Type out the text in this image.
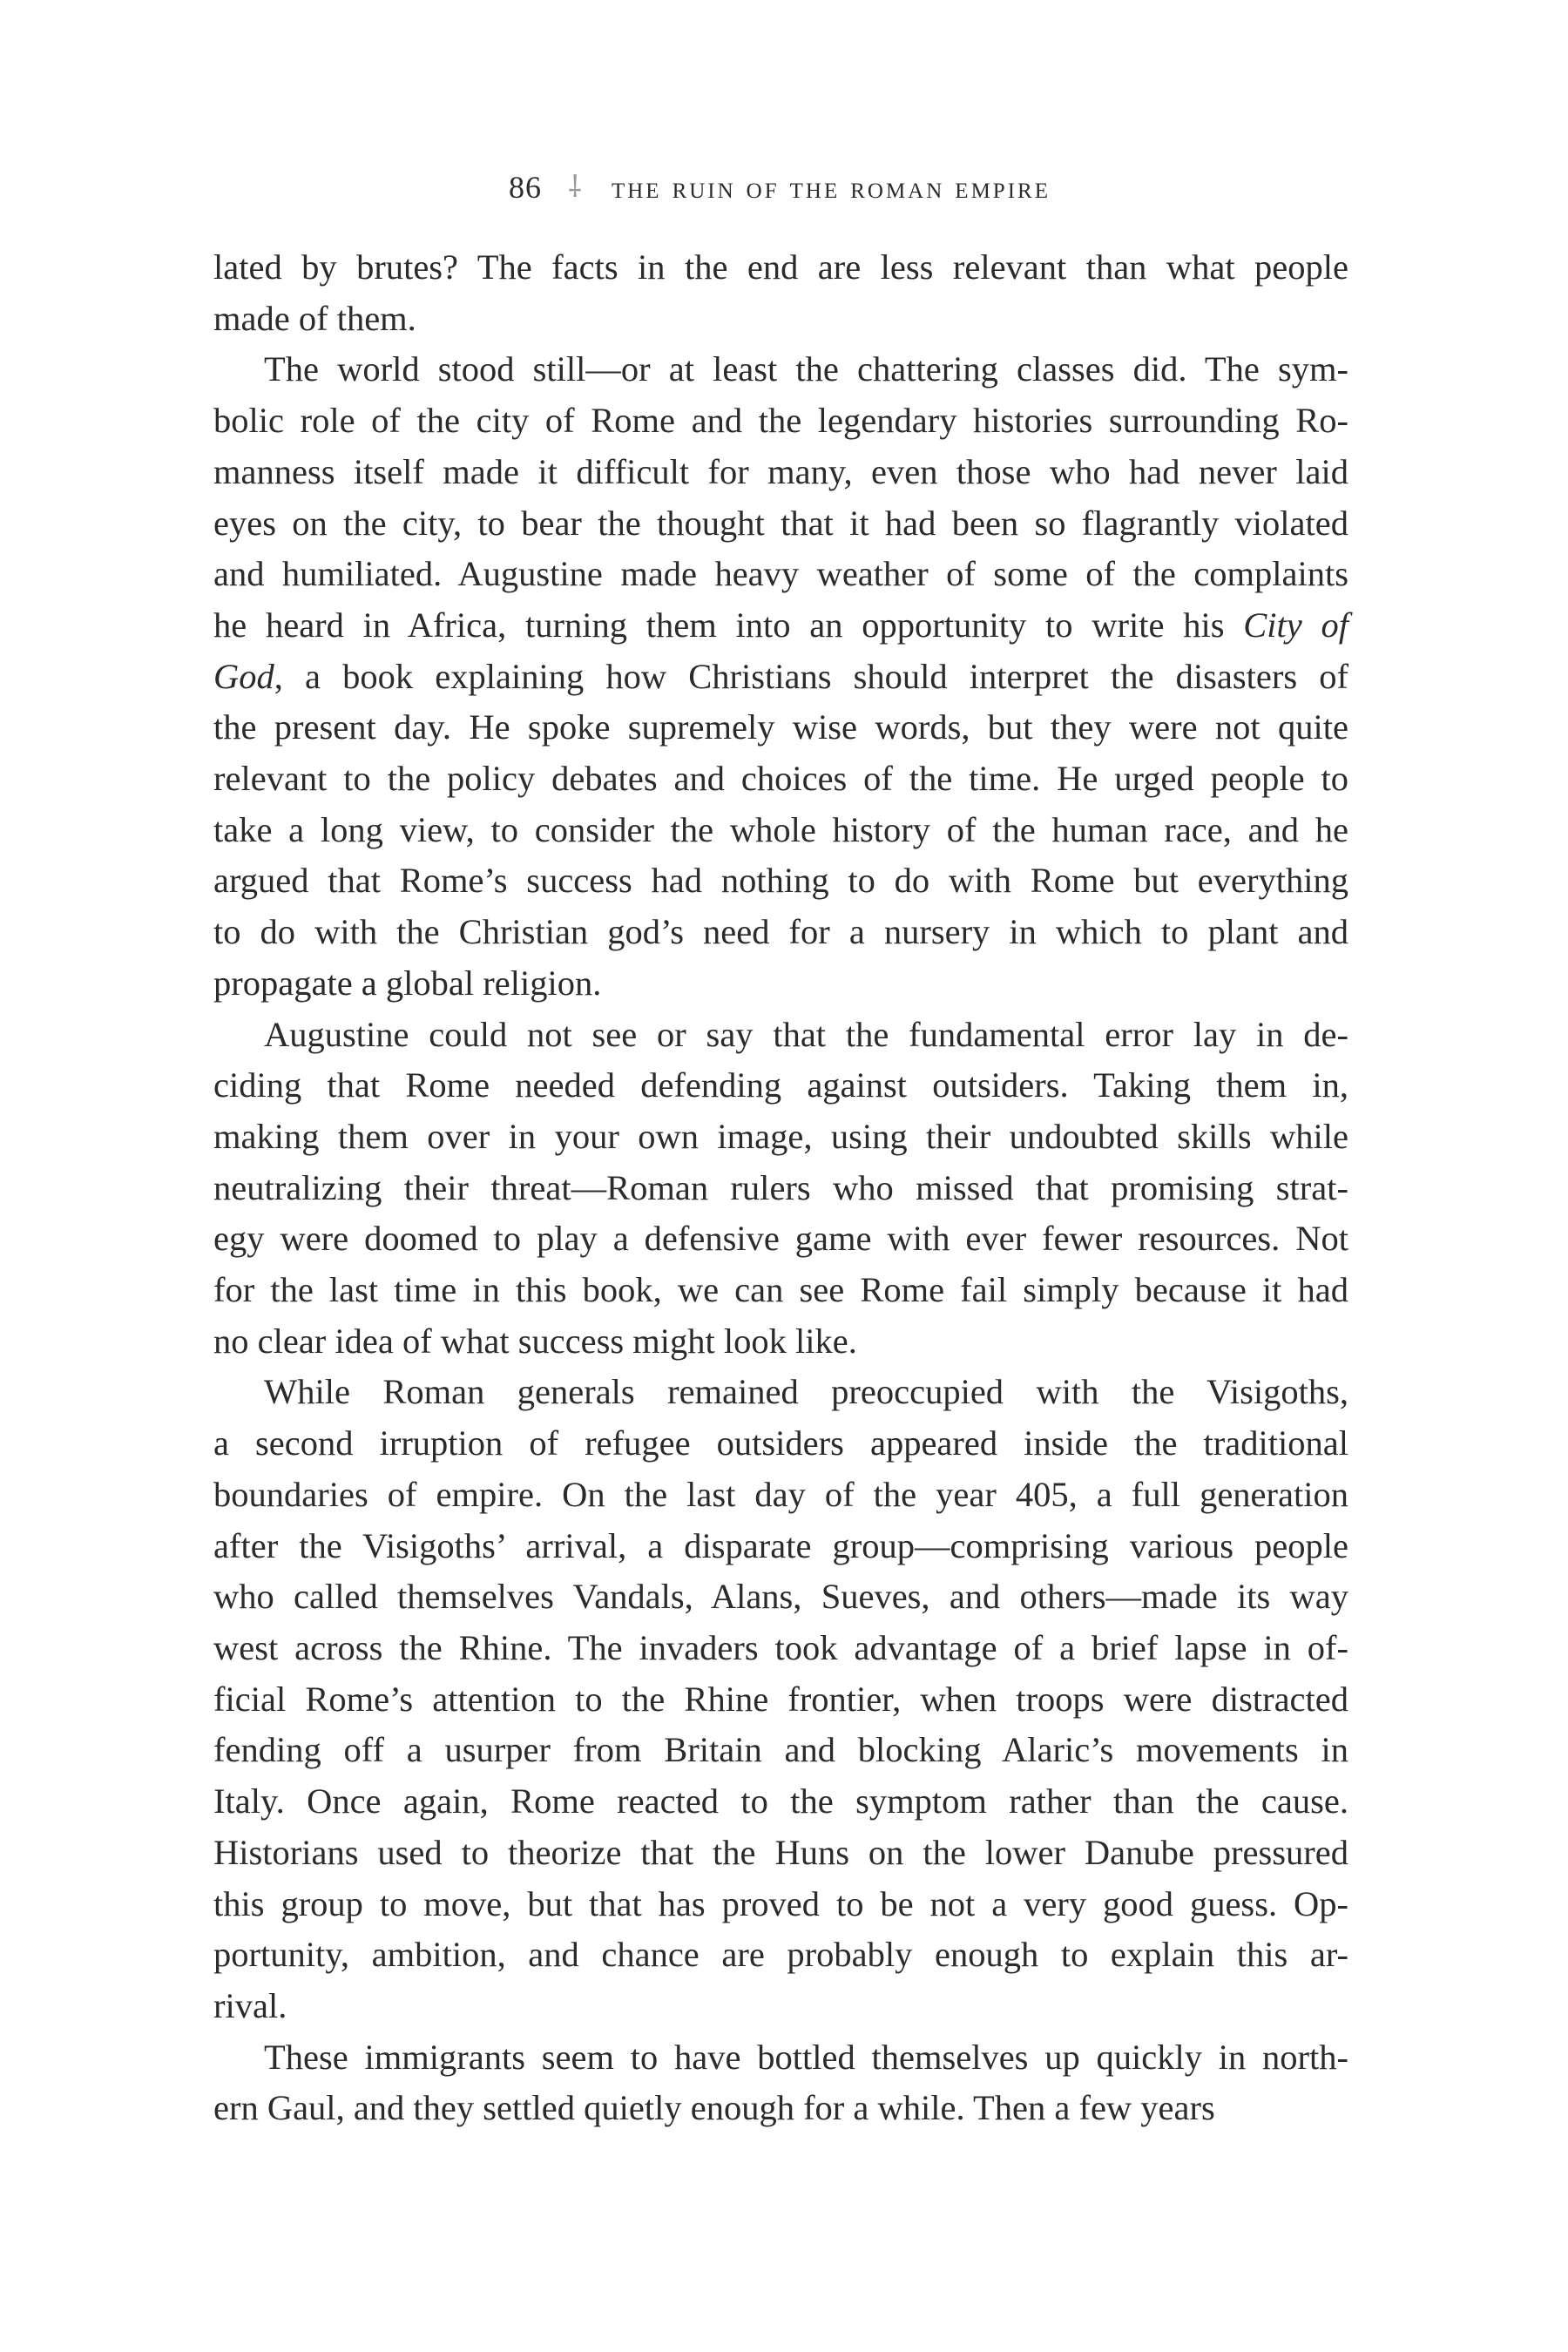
86 ⸸ the ruin of the roman empire

lated by brutes? The facts in the end are less relevant than what people
made of them.

The world stood still—or at least the chattering classes did. The sym-
bolic role of the city of Rome and the legendary histories surrounding Ro-
manness itself made it difficult for many, even those who had never laid
eyes on the city, to bear the thought that it had been so flagrantly violated
and humiliated. Augustine made heavy weather of some of the complaints
he heard in Africa, turning them into an opportunity to write his City of
God, a book explaining how Christians should interpret the disasters of
the present day. He spoke supremely wise words, but they were not quite
relevant to the policy debates and choices of the time. He urged people to
take a long view, to consider the whole history of the human race, and he
argued that Rome’s success had nothing to do with Rome but everything
to do with the Christian god’s need for a nursery in which to plant and
propagate a global religion.

Augustine could not see or say that the fundamental error lay in de-
ciding that Rome needed defending against outsiders. Taking them in,
making them over in your own image, using their undoubted skills while
neutralizing their threat—Roman rulers who missed that promising strat-
egy were doomed to play a defensive game with ever fewer resources. Not
for the last time in this book, we can see Rome fail simply because it had
no clear idea of what success might look like.

While Roman generals remained preoccupied with the Visigoths,
a second irruption of refugee outsiders appeared inside the traditional
boundaries of empire. On the last day of the year 405, a full generation
after the Visigoths’ arrival, a disparate group—comprising various people
who called themselves Vandals, Alans, Sueves, and others—made its way
west across the Rhine. The invaders took advantage of a brief lapse in of-
ficial Rome’s attention to the Rhine frontier, when troops were distracted
fending off a usurper from Britain and blocking Alaric’s movements in
Italy. Once again, Rome reacted to the symptom rather than the cause.
Historians used to theorize that the Huns on the lower Danube pressured
this group to move, but that has proved to be not a very good guess. Op-
portunity, ambition, and chance are probably enough to explain this ar-
rival.

These immigrants seem to have bottled themselves up quickly in north-
ern Gaul, and they settled quietly enough for a while. Then a few years
